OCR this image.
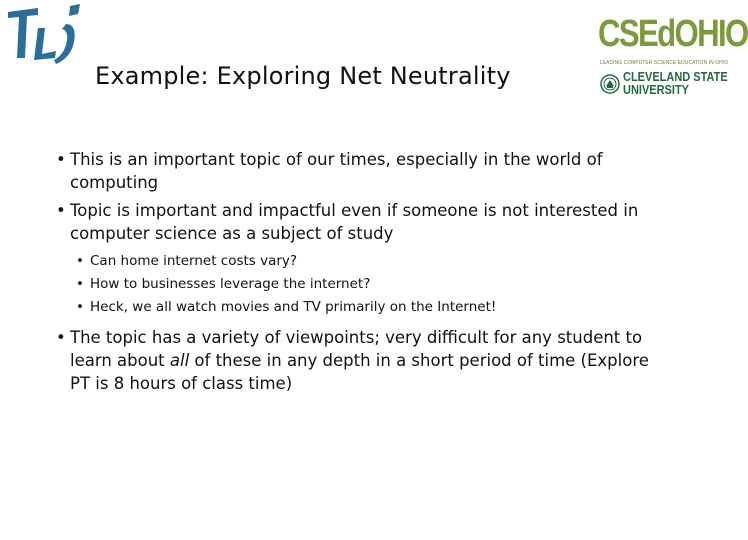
CSEdOHIO
LEADING COMPUTER SCIENCE EDUCATION IN OHIO
CLEVELAND STATE
UNIVERSITY
Example: Exploring Net Neutrality
• This is an important topic of our times, especially in the world of computing
• Topic is important and impactful even if someone is not interested in computer science as a subject of study
• Can home internet costs vary?
• How to businesses leverage the internet?
• Heck, we all watch movies and TV primarily on the Internet!
• The topic has a variety of viewpoints; very difficult for any student to learn about all of these in any depth in a short period of time (Explore PT is 8 hours of class time)
